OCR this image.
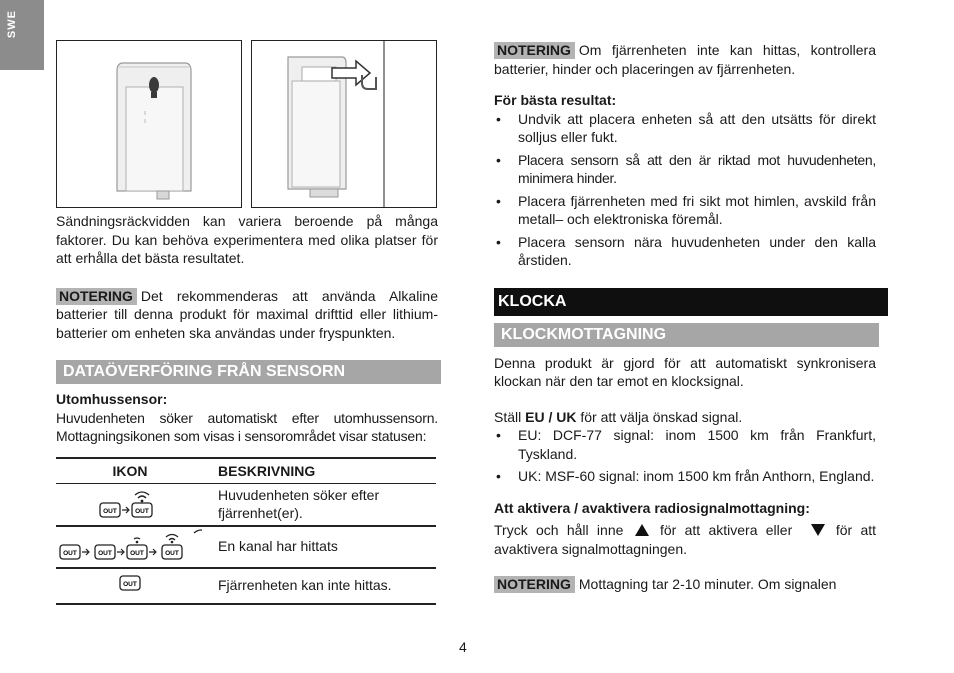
SWE

Sändningsräckvidden kan variera beroende på många faktorer. Du kan behöva experimentera med olika platser för att erhålla det bästa resultatet.

NOTERING Det rekommenderas att använda Alkaline batterier till denna produkt för maximal drifttid eller lithium-batterier om enheten ska användas under fryspunkten.

DATAÖVERFÖRING FRÅN SENSORN

Utomhussensor:

Huvudenheten söker automatiskt efter utomhussensorn. Mottagningsikonen som visas i sensorområdet visar statusen:

IKON	BESKRIVNING

OUT OUT	Huvudenheten söker efter fjärrenhet(er).

OUT OUT OUT OUT	En kanal har hittats

OUT	Fjärrenheten kan inte hittas.

NOTERING Om fjärrenheten inte kan hittas, kontrollera batterier, hinder och placeringen av fjärrenheten.

För bästa resultat:

• Undvik att placera enheten så att den utsätts för direkt solljus eller fukt.
• Placera sensorn så att den är riktad mot huvudenheten, minimera hinder.
• Placera fjärrenheten med fri sikt mot himlen, avskild från metall– och elektroniska föremål.
• Placera sensorn nära huvudenheten under den kalla årstiden.
KLOCKA
KLOCKMOTTAGNING

Denna produkt är gjord för att automatiskt synkronisera klockan när den tar emot en klocksignal.

Ställ EU / UK för att välja önskad signal.

• EU: DCF-77 signal: inom 1500 km från Frankfurt, Tyskland.
• UK: MSF-60 signal: inom 1500 km från Anthorn, England.

Att aktivera / avaktivera radiosignalmottagning:

Tryck och håll inne	för att aktivera eller	för att avaktivera signalmottagningen.

NOTERING Mottagning tar 2-10 minuter. Om signalen

4
